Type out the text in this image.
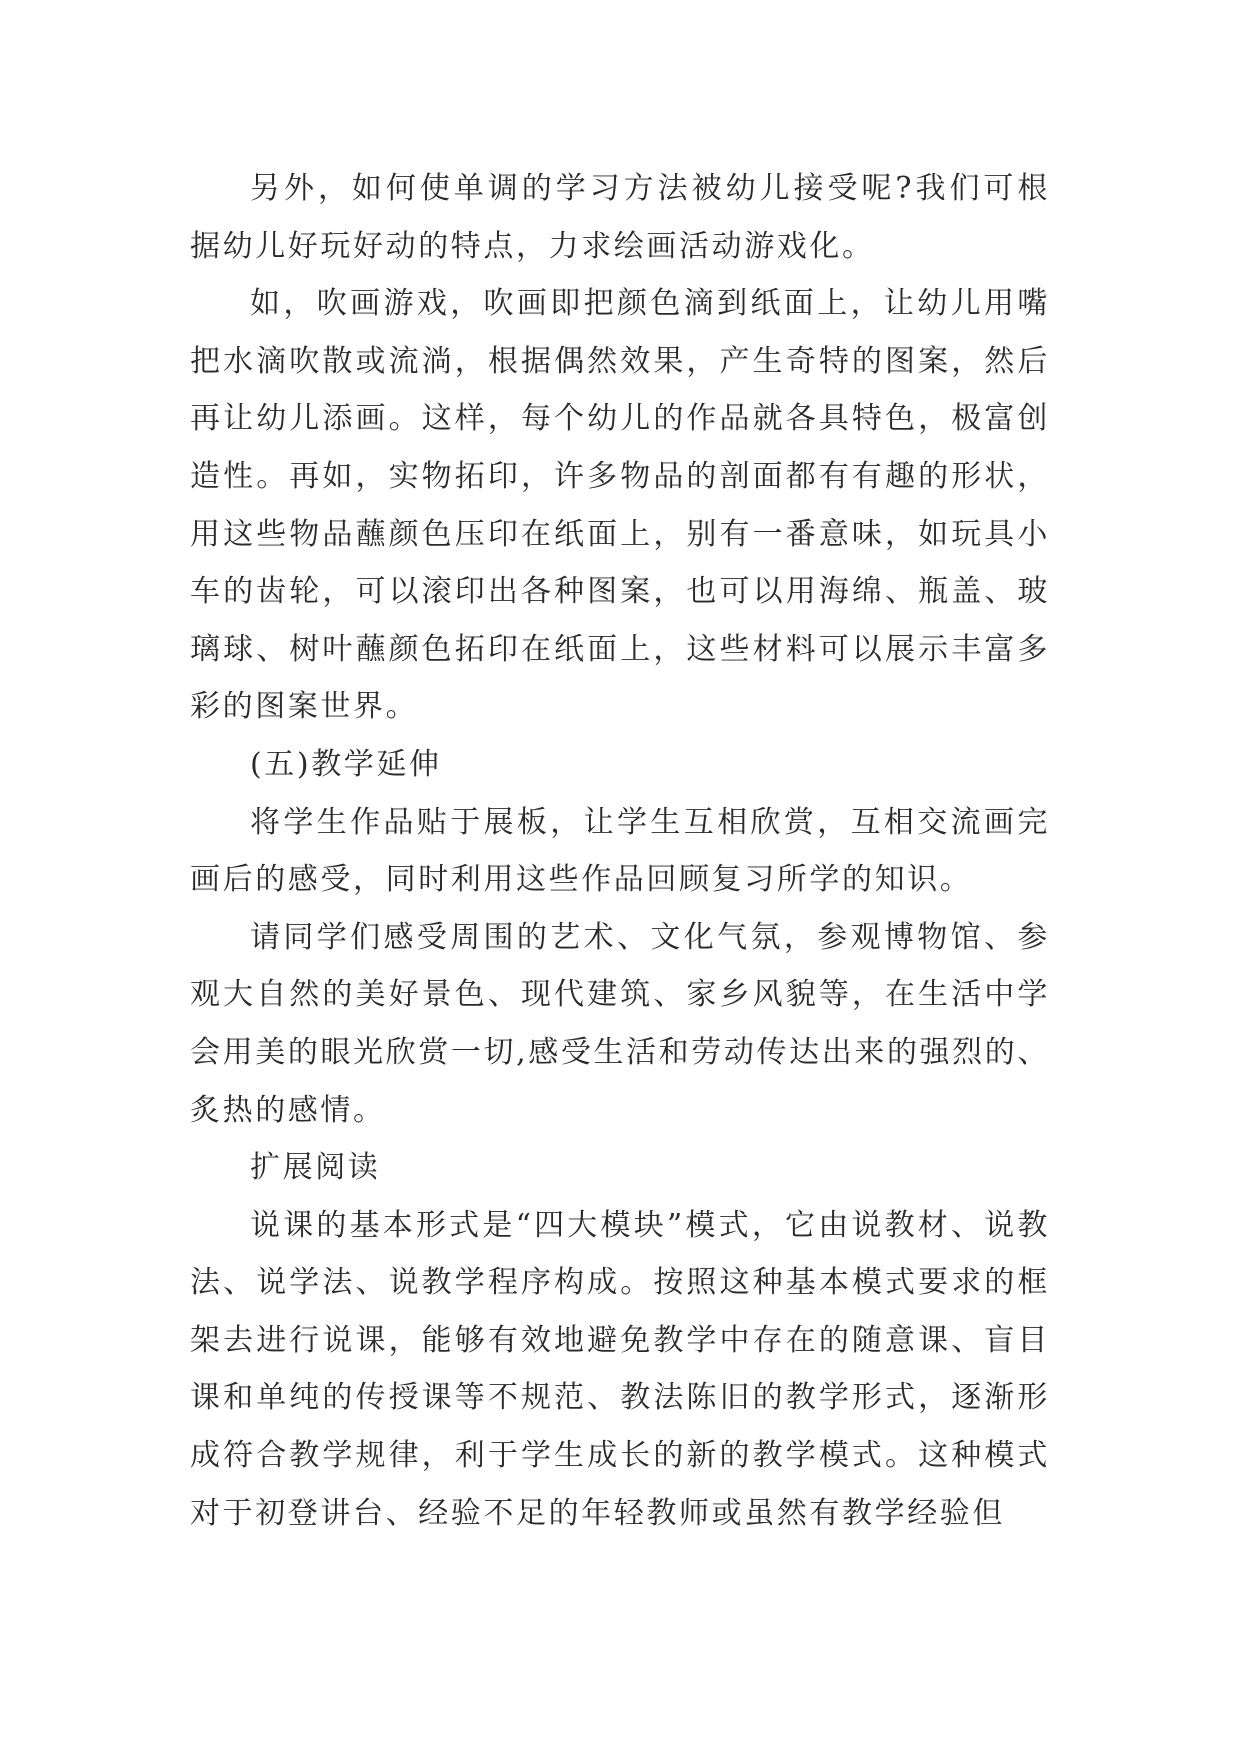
另外，如何使单调的学习方法被幼儿接受呢?我们可根据幼儿好玩好动的特点，力求绘画活动游戏化。

如，吹画游戏，吹画即把颜色滴到纸面上，让幼儿用嘴把水滴吹散或流淌，根据偶然效果，产生奇特的图案，然后再让幼儿添画。这样，每个幼儿的作品就各具特色，极富创造性。再如，实物拓印，许多物品的剖面都有有趣的形状，用这些物品蘸颜色压印在纸面上，别有一番意味，如玩具小车的齿轮，可以滚印出各种图案，也可以用海绵、瓶盖、玻璃球、树叶蘸颜色拓印在纸面上，这些材料可以展示丰富多彩的图案世界。

(五)教学延伸

将学生作品贴于展板，让学生互相欣赏，互相交流画完画后的感受，同时利用这些作品回顾复习所学的知识。

请同学们感受周围的艺术、文化气氛，参观博物馆、参观大自然的美好景色、现代建筑、家乡风貌等，在生活中学会用美的眼光欣赏一切,感受生活和劳动传达出来的强烈的、炙热的感情。

扩展阅读

说课的基本形式是“四大模块”模式，它由说教材、说教法、说学法、说教学程序构成。按照这种基本模式要求的框架去进行说课，能够有效地避免教学中存在的随意课、盲目课和单纯的传授课等不规范、教法陈旧的教学形式，逐渐形成符合教学规律，利于学生成长的新的教学模式。这种模式对于初登讲台、经验不足的年轻教师或虽然有教学经验但
